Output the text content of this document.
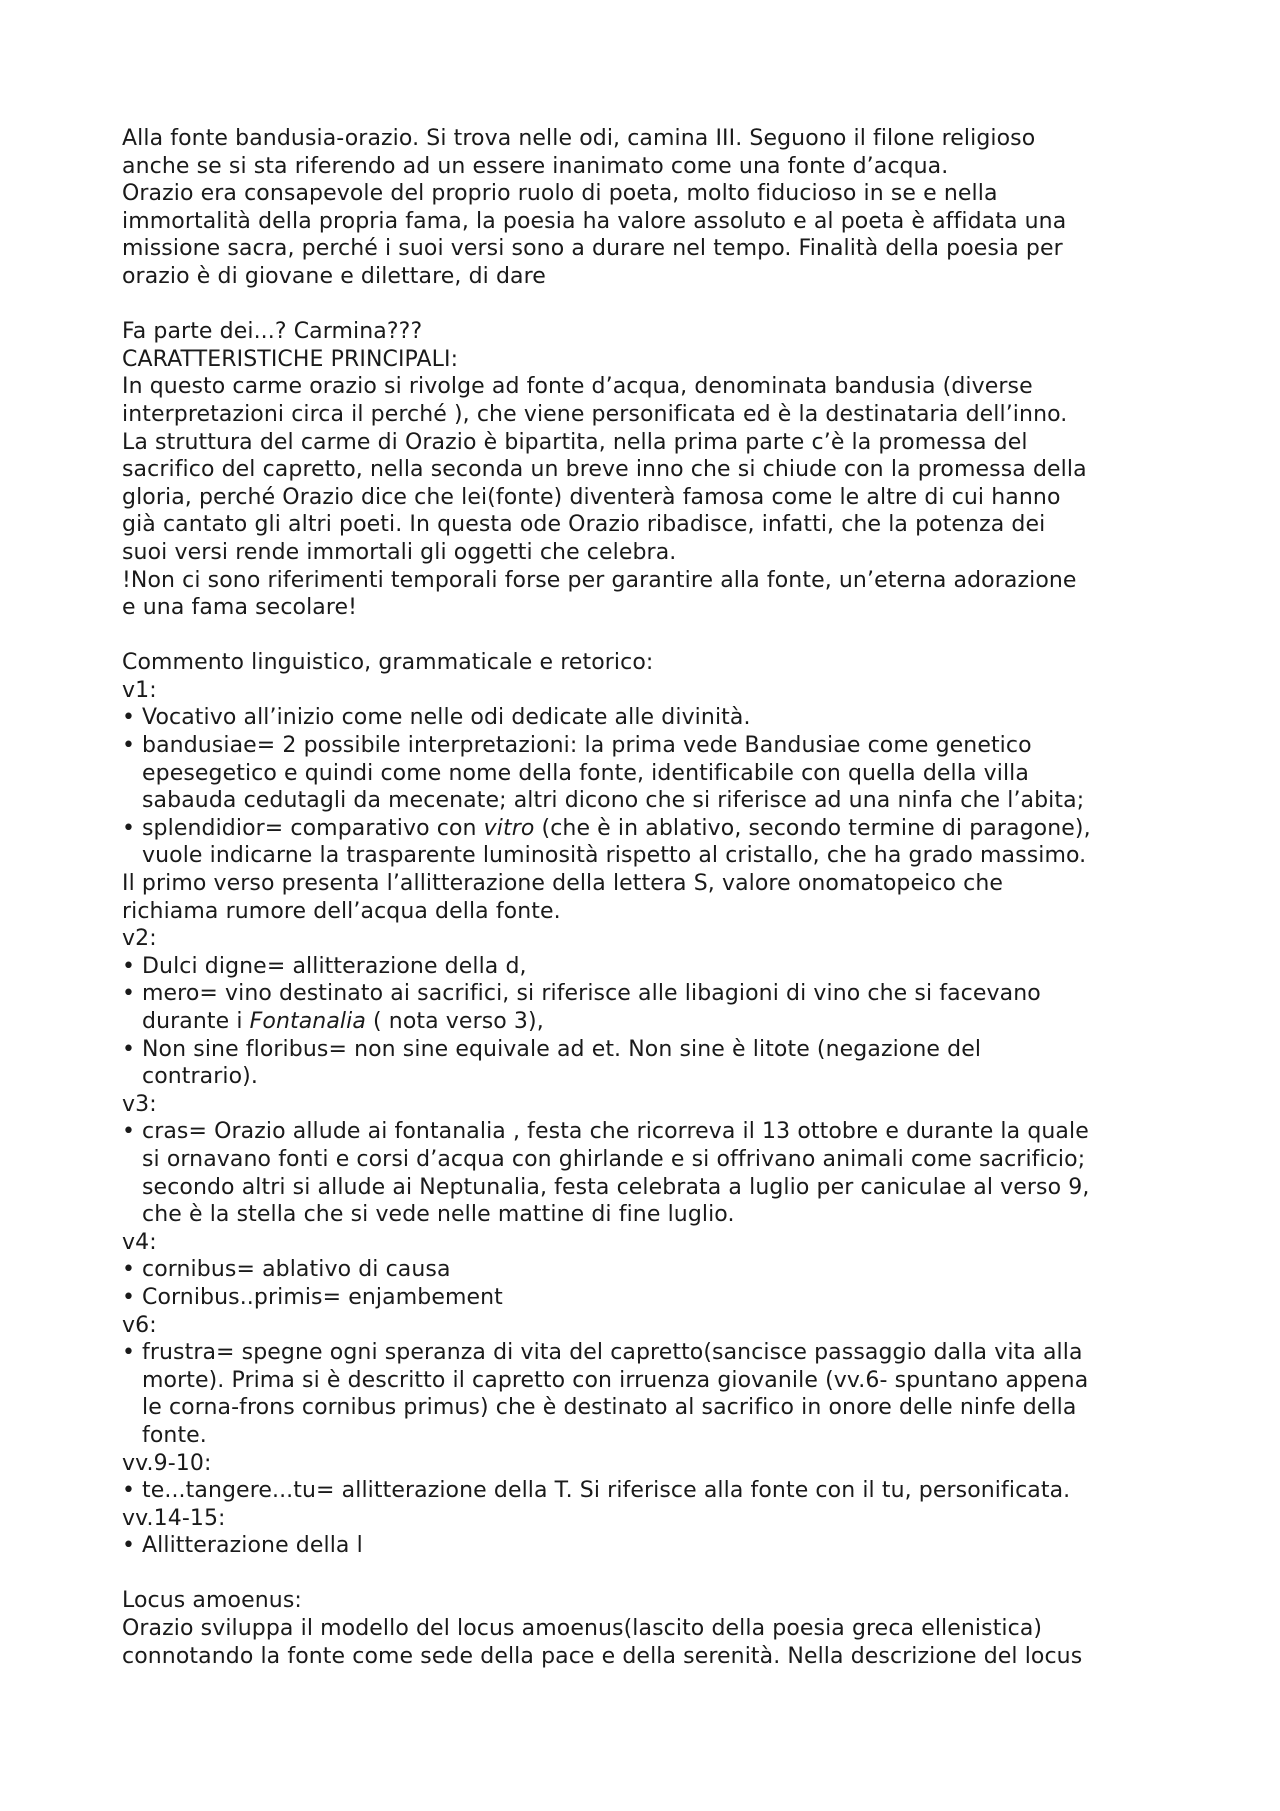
Alla fonte bandusia-orazio. Si trova nelle odi, camina III. Seguono il filone religioso
anche se si sta riferendo ad un essere inanimato come una fonte d’acqua.
Orazio era consapevole del proprio ruolo di poeta, molto fiducioso in se e nella
immortalità della propria fama, la poesia ha valore assoluto e al poeta è affidata una
missione sacra, perché i suoi versi sono a durare nel tempo. Finalità della poesia per
orazio è di giovane e dilettare, di dare
Fa parte dei...? Carmina???
CARATTERISTICHE PRINCIPALI:
In questo carme orazio si rivolge ad fonte d’acqua, denominata bandusia (diverse
interpretazioni circa il perché ), che viene personificata ed è la destinataria dell’inno.
La struttura del carme di Orazio è bipartita, nella prima parte c’è la promessa del
sacrifico del capretto, nella seconda un breve inno che si chiude con la promessa della
gloria, perché Orazio dice che lei(fonte) diventerà famosa come le altre di cui hanno
già cantato gli altri poeti. In questa ode Orazio ribadisce, infatti, che la potenza dei
suoi versi rende immortali gli oggetti che celebra.
!Non ci sono riferimenti temporali forse per garantire alla fonte, un’eterna adorazione
e una fama secolare!
Commento linguistico, grammaticale e retorico:
v1:
• Vocativo all’inizio come nelle odi dedicate alle divinità.
• bandusiae= 2 possibile interpretazioni: la prima vede Bandusiae come genetico
epesegetico e quindi come nome della fonte, identificabile con quella della villa
sabauda cedutagli da mecenate; altri dicono che si riferisce ad una ninfa che l’abita;
• splendidior= comparativo con vitro (che è in ablativo, secondo termine di paragone),
vuole indicarne la trasparente luminosità rispetto al cristallo, che ha grado massimo.
Il primo verso presenta l’allitterazione della lettera S, valore onomatopeico che
richiama rumore dell’acqua della fonte.
v2:
• Dulci digne= allitterazione della d,
• mero= vino destinato ai sacrifici, si riferisce alle libagioni di vino che si facevano
durante i Fontanalia ( nota verso 3),
• Non sine floribus= non sine equivale ad et. Non sine è litote (negazione del
contrario).
v3:
• cras= Orazio allude ai fontanalia , festa che ricorreva il 13 ottobre e durante la quale
si ornavano fonti e corsi d’acqua con ghirlande e si offrivano animali come sacrificio;
secondo altri si allude ai Neptunalia, festa celebrata a luglio per caniculae al verso 9,
che è la stella che si vede nelle mattine di fine luglio.
v4:
• cornibus= ablativo di causa
• Cornibus..primis= enjambement
v6:
• frustra= spegne ogni speranza di vita del capretto(sancisce passaggio dalla vita alla
morte). Prima si è descritto il capretto con irruenza giovanile (vv.6- spuntano appena
le corna-frons cornibus primus) che è destinato al sacrifico in onore delle ninfe della
fonte.
vv.9-10:
• te...tangere...tu= allitterazione della T. Si riferisce alla fonte con il tu, personificata.
vv.14-15:
• Allitterazione della l
Locus amoenus:
Orazio sviluppa il modello del locus amoenus(lascito della poesia greca ellenistica)
connotando la fonte come sede della pace e della serenità. Nella descrizione del locus
